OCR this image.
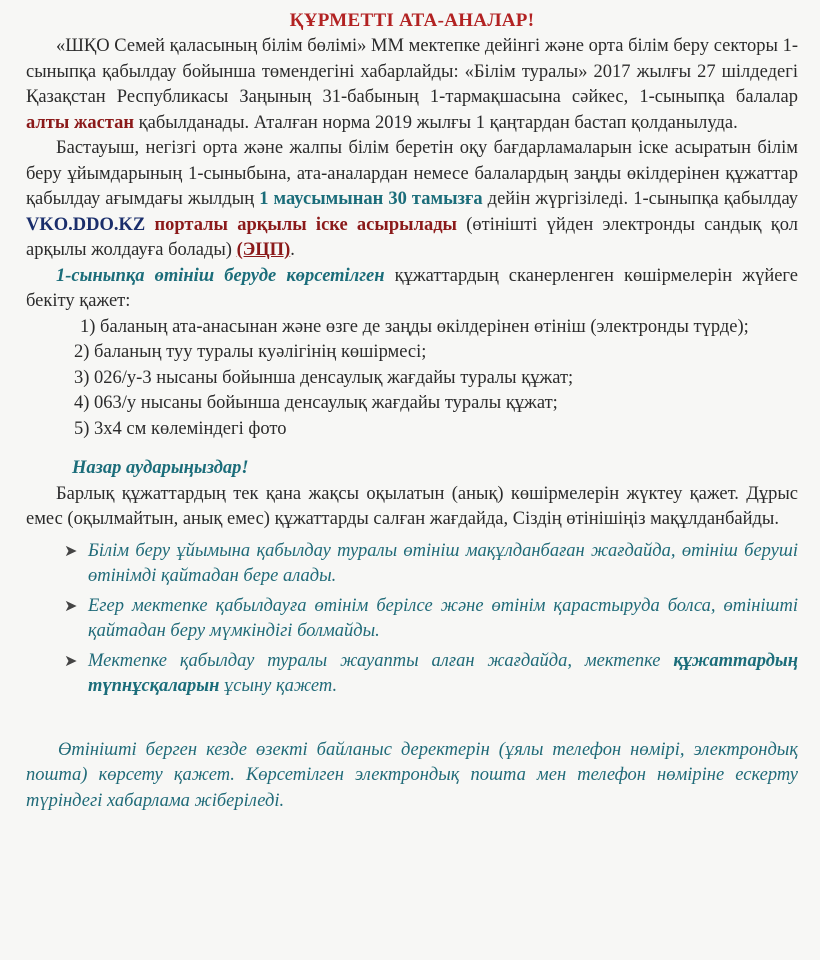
ҚҰРМЕТТІ АТА-АНАЛАР!

«ШҚО Семей қаласының білім бөлімі» ММ мектепке дейінгі және орта білім беру секторы 1-сыныпқа қабылдау бойынша төмендегіні хабарлайды: «Білім туралы» 2017 жылғы 27 шілдедегі Қазақстан Республикасы Заңының 31-бабының 1-тармақшасына сәйкес, 1-сыныпқа балалар алты жастан қабылданады. Аталған норма 2019 жылғы 1 қаңтардан бастап қолданылуда.

Бастауыш, негізгі орта және жалпы білім беретін оқу бағдарламаларын іске асыратын білім беру ұйымдарының 1-сыныбына, ата-аналардан немесе балалардың заңды өкілдерінен құжаттар қабылдау ағымдағы жылдың 1 маусымынан 30 тамызға дейін жүргізіледі. 1-сыныпқа қабылдау VKO.DDO.KZ порталы арқылы іске асырылады (өтінішті үйден электронды сандық қол арқылы жолдауға болады) (ЭЦП).

1-сыныпқа өтініш беруде көрсетілген құжаттардың сканерленген көшірмелерін жүйеге бекіту қажет:

1) баланың ата-анасынан және өзге де заңды өкілдерінен өтініш (электронды түрде);

2) баланың туу туралы куәлігінің көшірмесі;

3) 026/у-3 нысаны бойынша денсаулық жағдайы туралы құжат;

4) 063/у нысаны бойынша денсаулық жағдайы туралы құжат;

5) 3х4 см көлеміндегі фото

Назар аударыңыздар!

Барлық құжаттардың тек қана жақсы оқылатын (анық) көшірмелерін жүктеу қажет. Дұрыс емес (оқылмайтын, анық емес) құжаттарды салған жағдайда, Сіздің өтінішіңіз мақұлданбайды.

➤ Білім беру ұйымына қабылдау туралы өтініш мақұлданбаған жағдайда, өтініш беруші өтінімді қайтадан бере алады.
➤ Егер мектепке қабылдауға өтінім берілсе және өтінім қарастыруда болса, өтінішті қайтадан беру мүмкіндігі болмайды.
➤ Мектепке қабылдау туралы жауапты алған жағдайда, мектепке құжаттардың түпнұсқаларын ұсыну қажет.

Өтінішті берген кезде өзекті байланыс деректерін (ұялы телефон нөмірі, электрондық пошта) көрсету қажет. Көрсетілген электрондық пошта мен телефон нөміріне ескерту түріндегі хабарлама жіберіледі.
